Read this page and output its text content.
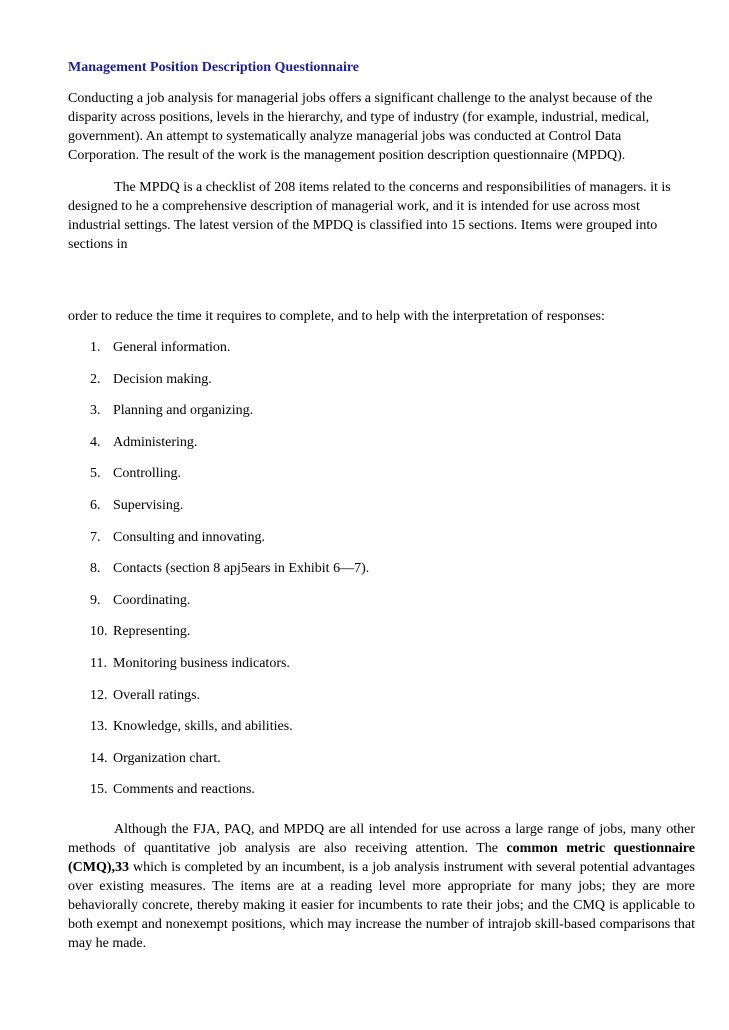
Management Position Description Questionnaire

Conducting a job analysis for managerial jobs offers a significant challenge to the analyst because of the disparity across positions, levels in the hierarchy, and type of industry (for example, industrial, medical, government). An attempt to systematically analyze managerial jobs was conducted at Control Data Corporation. The result of the work is the management position description questionnaire (MPDQ).

The MPDQ is a checklist of 208 items related to the concerns and responsibilities of managers. it is designed to he a comprehensive description of managerial work, and it is intended for use across most industrial settings. The latest version of the MPDQ is classified into 15 sections. Items were grouped into sections in

order to reduce the time it requires to complete, and to help with the interpretation of responses:

1. General information.
2. Decision making.
3. Planning and organizing.
4. Administering.
5. Controlling.
6. Supervising.
7. Consulting and innovating.
8. Contacts (section 8 apj5ears in Exhibit 6—7).
9. Coordinating.
10. Representing.
11. Monitoring business indicators.
12. Overall ratings.
13. Knowledge, skills, and abilities.
14. Organization chart.
15. Comments and reactions.

Although the FJA, PAQ, and MPDQ are all intended for use across a large range of jobs, many other methods of quantitative job analysis are also receiving attention. The common metric questionnaire (CMQ),33 which is completed by an incumbent, is a job analysis instrument with several potential advantages over existing measures. The items are at a reading level more appropriate for many jobs; they are more behaviorally concrete, thereby making it easier for incumbents to rate their jobs; and the CMQ is applicable to both exempt and nonexempt positions, which may increase the number of intrajob skill-based comparisons that may he made.
